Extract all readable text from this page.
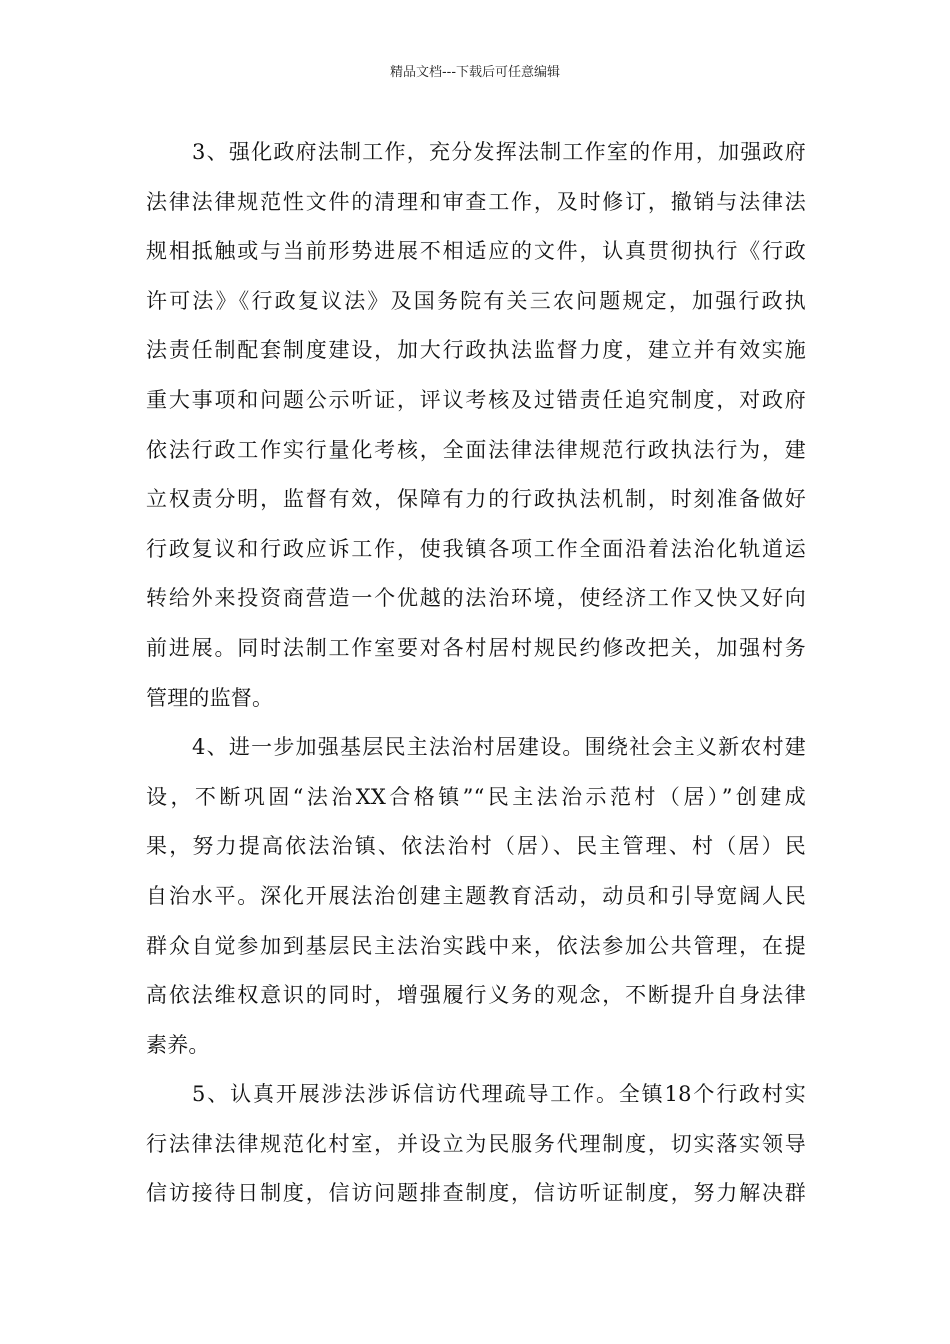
精品文档---下载后可任意编辑
3、强化政府法制工作，充分发挥法制工作室的作用，加强政府
法律法律规范性文件的清理和审查工作，及时修订，撤销与法律法
规相抵触或与当前形势进展不相适应的文件，认真贯彻执行《行政
许可法》《行政复议法》及国务院有关三农问题规定，加强行政执
法责任制配套制度建设，加大行政执法监督力度，建立并有效实施
重大事项和问题公示听证，评议考核及过错责任追究制度，对政府
依法行政工作实行量化考核，全面法律法律规范行政执法行为，建
立权责分明，监督有效，保障有力的行政执法机制，时刻准备做好
行政复议和行政应诉工作，使我镇各项工作全面沿着法治化轨道运
转给外来投资商营造一个优越的法治环境，使经济工作又快又好向
前进展。同时法制工作室要对各村居村规民约修改把关，加强村务
管理的监督。
4、进一步加强基层民主法治村居建设。围绕社会主义新农村建
设，不断巩固“法治XX合格镇”“民主法治示范村（居）”创建成
果，努力提高依法治镇、依法治村（居）、民主管理、村（居）民
自治水平。深化开展法治创建主题教育活动，动员和引导宽阔人民
群众自觉参加到基层民主法治实践中来，依法参加公共管理，在提
高依法维权意识的同时，增强履行义务的观念，不断提升自身法律
素养。
5、认真开展涉法涉诉信访代理疏导工作。全镇18个行政村实
行法律法律规范化村室，并设立为民服务代理制度，切实落实领导
信访接待日制度，信访问题排查制度，信访听证制度，努力解决群
